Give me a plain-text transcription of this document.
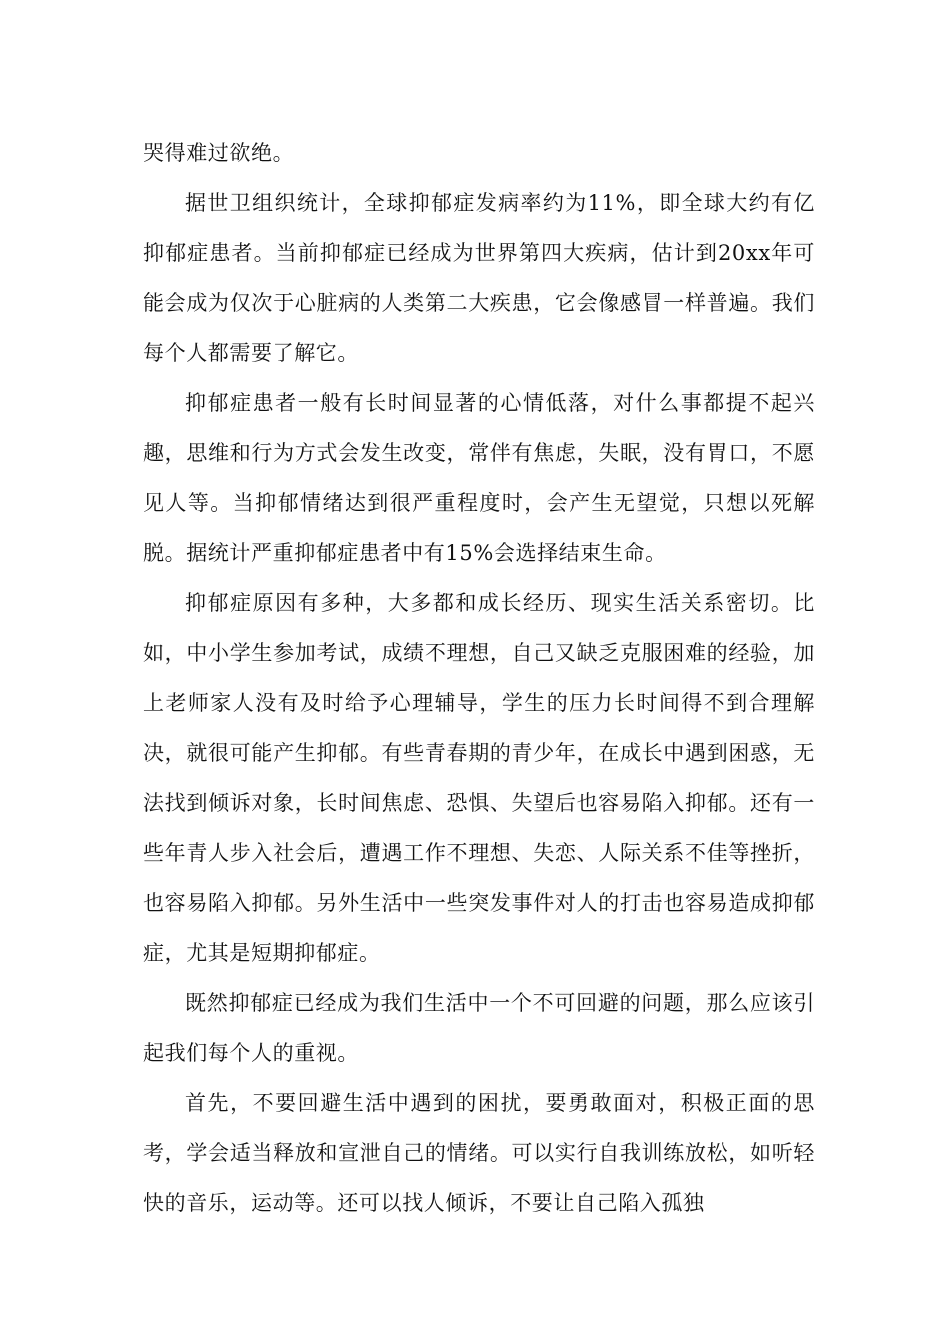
哭得难过欲绝。

据世卫组织统计，全球抑郁症发病率约为11%，即全球大约有亿抑郁症患者。当前抑郁症已经成为世界第四大疾病，估计到20xx年可能会成为仅次于心脏病的人类第二大疾患，它会像感冒一样普遍。我们每个人都需要了解它。

抑郁症患者一般有长时间显著的心情低落，对什么事都提不起兴趣，思维和行为方式会发生改变，常伴有焦虑，失眠，没有胃口，不愿见人等。当抑郁情绪达到很严重程度时，会产生无望觉，只想以死解脱。据统计严重抑郁症患者中有15%会选择结束生命。

抑郁症原因有多种，大多都和成长经历、现实生活关系密切。比如，中小学生参加考试，成绩不理想，自己又缺乏克服困难的经验，加上老师家人没有及时给予心理辅导，学生的压力长时间得不到合理解决，就很可能产生抑郁。有些青春期的青少年，在成长中遇到困惑，无法找到倾诉对象，长时间焦虑、恐惧、失望后也容易陷入抑郁。还有一些年青人步入社会后，遭遇工作不理想、失恋、人际关系不佳等挫折，也容易陷入抑郁。另外生活中一些突发事件对人的打击也容易造成抑郁症，尤其是短期抑郁症。

既然抑郁症已经成为我们生活中一个不可回避的问题，那么应该引起我们每个人的重视。

首先，不要回避生活中遇到的困扰，要勇敢面对，积极正面的思考，学会适当释放和宣泄自己的情绪。可以实行自我训练放松，如听轻快的音乐，运动等。还可以找人倾诉，不要让自己陷入孤独
